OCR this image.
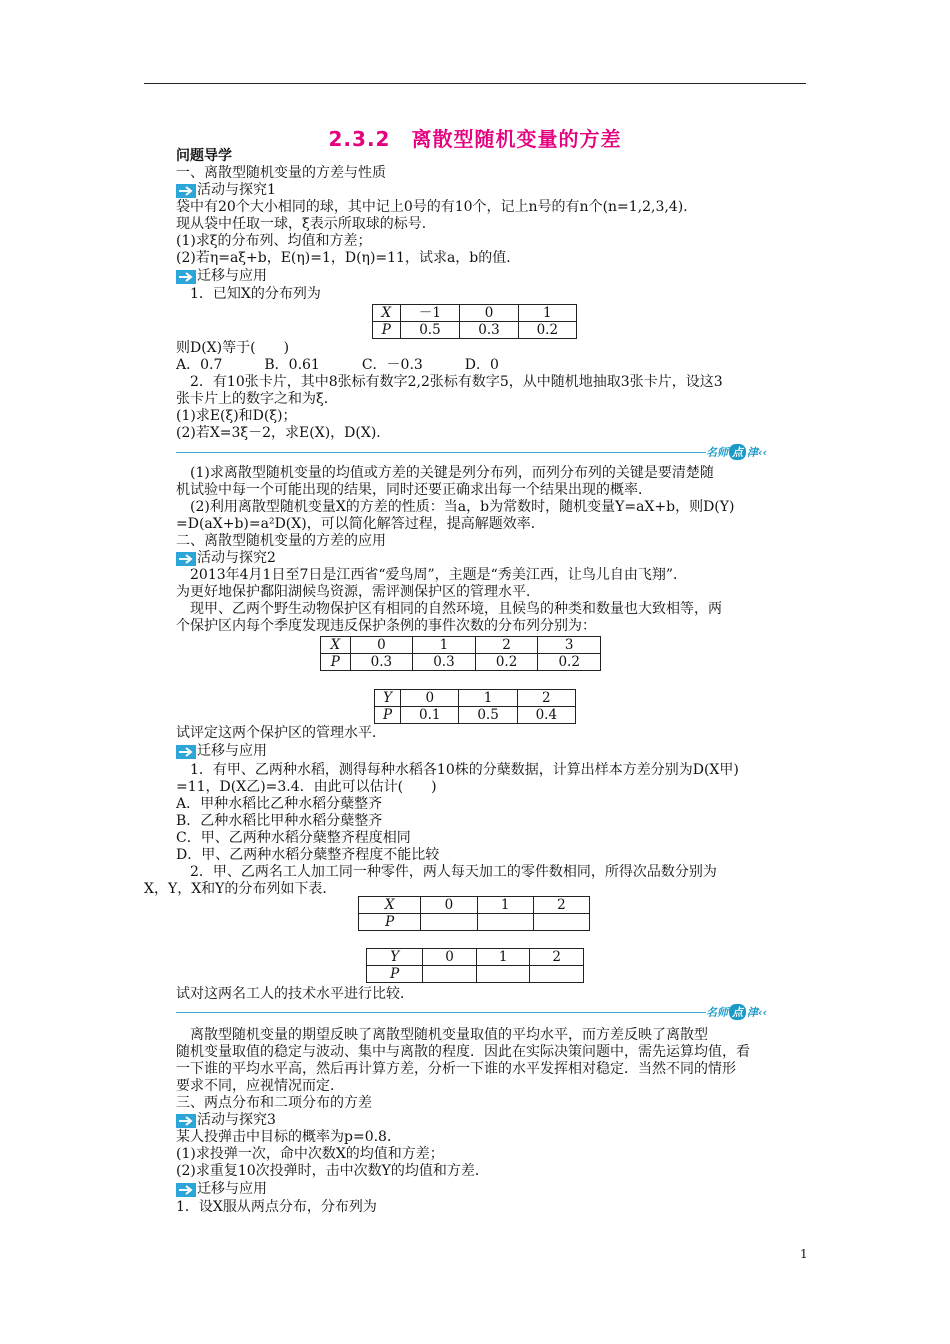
2.3.2　离散型随机变量的方差
问题导学
一、离散型随机变量的方差与性质
活动与探究1
袋中有20个大小相同的球，其中记上0号的有10个，记上n号的有n个(n=1,2,3,4)．
现从袋中任取一球，ξ表示所取球的标号．
(1)求ξ的分布列、均值和方差；
(2)若η=aξ+b，E(η)=1，D(η)=11，试求a，b的值．
迁移与应用
1．已知X的分布列为
X	－1	0	1
P	0.5	0.3	0.2
则D(X)等于(　　)
A．0.7　　　B．0.61　　　C．－0.3　　　D．0
2．有10张卡片，其中8张标有数字2,2张标有数字5，从中随机地抽取3张卡片，设这3
张卡片上的数字之和为ξ．
(1)求E(ξ)和D(ξ)；
(2)若X=3ξ－2，求E(X)，D(X)．
名师 点 津 ‹‹
(1)求离散型随机变量的均值或方差的关键是列分布列，而列分布列的关键是要清楚随
机试验中每一个可能出现的结果，同时还要正确求出每一个结果出现的概率．
(2)利用离散型随机变量X的方差的性质：当a，b为常数时，随机变量Y=aX+b，则D(Y)
=D(aX+b)=a²D(X)，可以简化解答过程，提高解题效率．
二、离散型随机变量的方差的应用
活动与探究2
2013年4月1日至7日是江西省“爱鸟周”，主题是“秀美江西，让鸟儿自由飞翔”．
为更好地保护鄱阳湖候鸟资源，需评测保护区的管理水平．
现甲、乙两个野生动物保护区有相同的自然环境，且候鸟的种类和数量也大致相等，两
个保护区内每个季度发现违反保护条例的事件次数的分布列分别为：
X	0	1	2	3
P	0.3	0.3	0.2	0.2
Y	0	1	2
P	0.1	0.5	0.4
试评定这两个保护区的管理水平．
迁移与应用
1．有甲、乙两种水稻，测得每种水稻各10株的分蘖数据，计算出样本方差分别为D(X甲)
=11，D(X乙)=3.4．由此可以估计(　　)
A．甲种水稻比乙种水稻分蘖整齐
B．乙种水稻比甲种水稻分蘖整齐
C．甲、乙两种水稻分蘖整齐程度相同
D．甲、乙两种水稻分蘖整齐程度不能比较
2．甲、乙两名工人加工同一种零件，两人每天加工的零件数相同，所得次品数分别为
X，Y，X和Y的分布列如下表．
X	0	1	2
P			
Y	0	1	2
P			
试对这两名工人的技术水平进行比较．
名师 点 津 ‹‹
离散型随机变量的期望反映了离散型随机变量取值的平均水平，而方差反映了离散型
随机变量取值的稳定与波动、集中与离散的程度．因此在实际决策问题中，需先运算均值，看
一下谁的平均水平高，然后再计算方差，分析一下谁的水平发挥相对稳定．当然不同的情形
要求不同，应视情况而定．
三、两点分布和二项分布的方差
活动与探究3
某人投弹击中目标的概率为p=0.8．
(1)求投弹一次，命中次数X的均值和方差；
(2)求重复10次投弹时，击中次数Y的均值和方差．
迁移与应用
1．设X服从两点分布，分布列为
1
